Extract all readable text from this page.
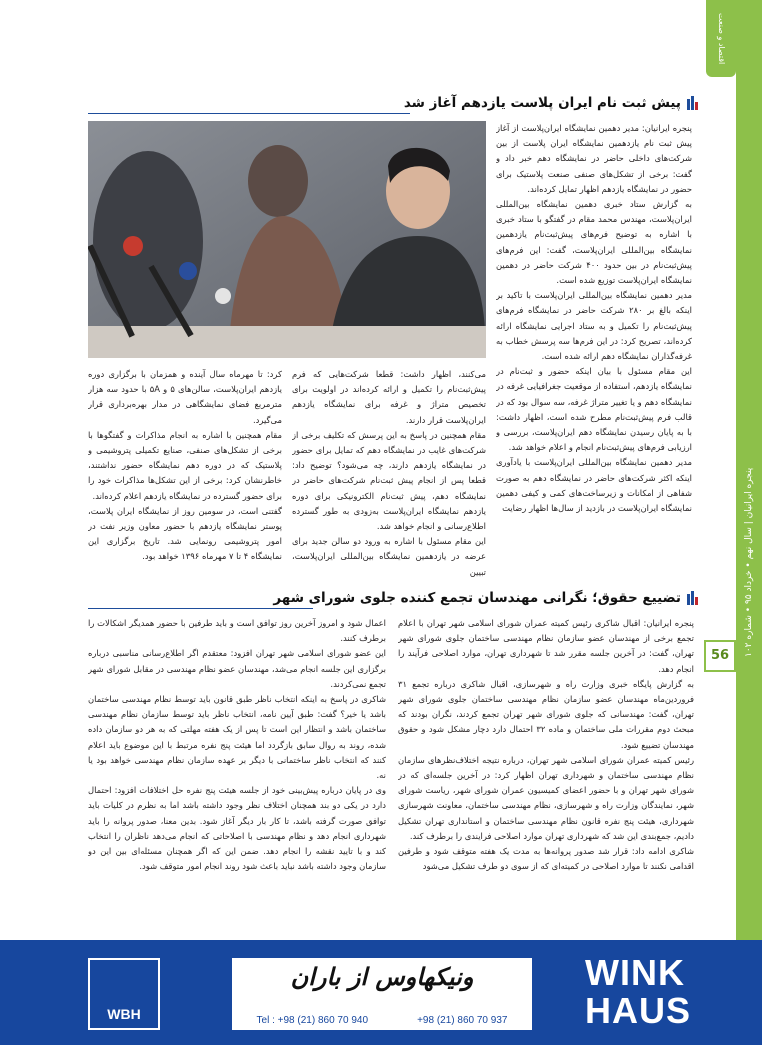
اقتصاد و صنعت
پنجره ایرانیان | سال نهم • خرداد ۹۵ • شماره ۱۰۲
56
پیش ثبت نام ایران پلاست یازدهم آغاز شد

پنجره ایرانیان: مدیر دهمین نمایشگاه ایران‌پلاست از آغاز پیش ثبت نام یازدهمین نمایشگاه ایران پلاست از بین شرکت‌های داخلی حاضر در نمایشگاه دهم خبر داد و گفت: برخی از تشکل‌های صنفی صنعت پلاستیک برای حضور در نمایشگاه یازدهم اظهار تمایل کرده‌اند.

به گزارش ستاد خبری دهمین نمایشگاه بین‌المللی ایران‌پلاست، مهندس محمد مقام در گفتگو با ستاد خبری با اشاره به توضیح فرم‌های پیش‌ثبت‌نام یازدهمین نمایشگاه بین‌المللی ایران‌پلاست، گفت: این فرم‌های پیش‌ثبت‌نام در بین حدود ۴۰۰ شرکت حاضر در دهمین نمایشگاه ایران‌پلاست توزیع شده است.

مدیر دهمین نمایشگاه بین‌المللی ایران‌پلاست با تاکید بر اینکه بالغ بر ۲۸۰ شرکت حاضر در نمایشگاه فرم‌های پیش‌ثبت‌نام را تکمیل و به ستاد اجرایی نمایشگاه ارائه کرده‌اند، تصریح کرد: در این فرم‌ها سه پرسش خطاب به غرفه‌گذاران نمایشگاه دهم ارائه شده است.

این مقام مسئول با بیان اینکه حضور و ثبت‌نام در نمایشگاه یازدهم، استفاده از موقعیت جغرافیایی غرفه در نمایشگاه دهم و یا تغییر متراژ غرفه، سه سوال بود که در قالب فرم پیش‌ثبت‌نام مطرح شده است، اظهار داشت: با به پایان رسیدن نمایشگاه دهم ایران‌پلاست، بررسی و ارزیابی فرم‌های پیش‌ثبت‌نام انجام و اعلام خواهد شد.

مدیر دهمین نمایشگاه بین‌المللی ایران‌پلاست با یادآوری اینکه اکثر شرکت‌های حاضر در نمایشگاه دهم به صورت شفاهی از امکانات و زیرساخت‌های کمی و کیفی دهمین نمایشگاه ایران‌پلاست در بازدید از سال‌ها اظهار رضایت

می‌کنند، اظهار داشت: قطعا شرکت‌هایی که فرم پیش‌ثبت‌نام را تکمیل و ارائه کرده‌اند در اولویت برای تخصیص متراژ و غرفه برای نمایشگاه یازدهم ایران‌پلاست قرار دارند.

مقام همچنین در پاسخ به این پرسش که تکلیف برخی از شرکت‌های غایب در نمایشگاه دهم که تمایل برای حضور در نمایشگاه یازدهم دارند، چه می‌شود؟ توضیح داد: قطعا پس از انجام پیش ثبت‌نام شرکت‌های حاضر در نمایشگاه دهم، پیش ثبت‌نام الکترونیکی برای دوره یازدهم نمایشگاه ایران‌پلاست به‌زودی به طور گسترده اطلاع‌رسانی و انجام خواهد شد.

این مقام مسئول با اشاره به ورود دو سالن جدید برای عرضه در یازدهمین نمایشگاه بین‌المللی ایران‌پلاست، تبیین

کرد: تا مهرماه سال آینده و همزمان با برگزاری دوره یازدهم ایران‌پلاست، سالن‌های ۵ و ۵A با حدود سه هزار مترمربع فضای نمایشگاهی در مدار بهره‌برداری قرار می‌گیرد.

مقام همچنین با اشاره به انجام مذاکرات و گفتگوها با برخی از تشکل‌های صنفی، صنایع تکمیلی پتروشیمی و پلاستیک که در دوره دهم نمایشگاه حضور نداشتند، خاطرنشان کرد: برخی از این تشکل‌ها مذاکرات خود را برای حضور گسترده در نمایشگاه یازدهم اعلام کرده‌اند.

گفتنی است، در سومین روز از نمایشگاه ایران پلاست، پوستر نمایشگاه یازدهم با حضور معاون وزیر نفت در امور پتروشیمی رونمایی شد. تاریخ برگزاری این نمایشگاه ۴ تا ۷ مهرماه ۱۳۹۶ خواهد بود.

تضییع حقوق؛ نگرانی مهندسان تجمع کننده جلوی شورای شهر

پنجره ایرانیان: اقبال شاکری رئیس کمیته عمران شورای اسلامی شهر تهران با اعلام تجمع برخی از مهندسان عضو سازمان نظام مهندسی ساختمان جلوی شورای شهر تهران، گفت: در آخرین جلسه مقرر شد تا شهرداری تهران، موارد اصلاحی فرآیند را انجام دهد.

به گزارش پایگاه خبری وزارت راه و شهرسازی، اقبال شاکری درباره تجمع ۳۱ فروردین‌ماه مهندسان عضو سازمان نظام مهندسی ساختمان جلوی شورای شهر تهران، گفت: مهندسانی که جلوی شورای شهر تهران تجمع کردند، نگران بودند که مبحث دوم مقررات ملی ساختمان و ماده ۳۲ احتمال دارد دچار مشکل شود و حقوق مهندسان تضییع شود.

رئیس کمیته عمران شورای اسلامی شهر تهران، درباره نتیجه اختلاف‌نظرهای سازمان نظام مهندسی ساختمان و شهرداری تهران اظهار کرد: در آخرین جلسه‌ای که در شورای شهر تهران و با حضور اعضای کمیسیون عمران شورای شهر، ریاست شورای شهر، نمایندگان وزارت راه و شهرسازی، نظام مهندسی ساختمان، معاونت شهرسازی شهرداری، هیئت پنج نفره قانون نظام مهندسی ساختمان و استانداری تهران تشکیل دادیم، جمع‌بندی این شد که شهرداری تهران موارد اصلاحی فرایندی را برطرف کند.

شاکری ادامه داد: قرار شد صدور پروانه‌ها به مدت یک هفته متوقف شود و طرفین اقدامی نکنند تا موارد اصلاحی در کمیته‌ای که از سوی دو طرف تشکیل می‌شود

اعمال شود و امروز آخرین روز توافق است و باید طرفین با حضور همدیگر اشکالات را برطرف کنند.

این عضو شورای اسلامی شهر تهران افزود: معتقدم اگر اطلاع‌رسانی مناسبی درباره برگزاری این جلسه انجام می‌شد، مهندسان عضو نظام مهندسی در مقابل شورای شهر تجمع نمی‌کردند.

شاکری در پاسخ به اینکه انتخاب ناظر طبق قانون باید توسط نظام مهندسی ساختمان باشد یا خیر؟ گفت: طبق آیین نامه، انتخاب ناظر باید توسط سازمان نظام مهندسی ساختمان باشد و انتظار این است تا پس از یک هفته مهلتی که به هر دو سازمان داده شده، روند به روال سابق بازگردد اما هیئت پنج نفره مرتبط با این موضوع باید اعلام کنند که انتخاب ناظر ساختمانی با دیگر بر عهده سازمان نظام مهندسی خواهد بود یا نه.

وی در پایان درباره پیش‌بینی خود از جلسه هیئت پنج نفره حل اختلافات افزود: احتمال دارد در یکی دو بند همچنان اختلاف نظر وجود داشته باشد اما به نظرم در کلیات باید توافق صورت گرفته باشد، تا کار بار دیگر آغاز شود. بدین معنا، صدور پروانه را باید شهرداری انجام دهد و نظام مهندسی با اصلاحاتی که انجام می‌دهد ناظران را انتخاب کند و با تایید نقشه را انجام دهد. ضمن این که اگر همچنان مسئله‌ای بین این دو سازمان وجود داشته باشد نباید باعث شود روند انجام امور متوقف شود.

WBH
ونیکهاوس از باران
Tel : +98 (21) 860 70 940	+98 (21) 860 70 937
WINK
HAUS
